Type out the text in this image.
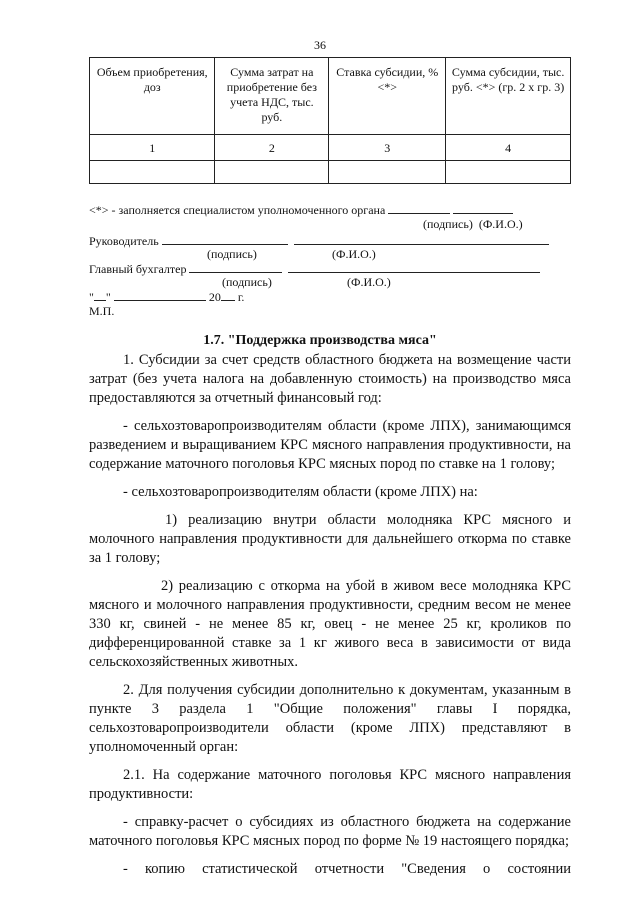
36
Объем приобретения, доз	Сумма затрат на приобретение без учета НДС, тыс. руб.	Ставка субсидии, % <*>	Сумма субсидии, тыс. руб. <*> (гр. 2 х гр. 3)
1	2	3	4

<*> - заполняется специалистом уполномоченного органа
(подпись) (Ф.И.О.)
Руководитель
(подпись)	(Ф.И.О.)
Главный бухгалтер
(подпись)	(Ф.И.О.)
" "	20 г.
М.П.
1.7. "Поддержка производства мяса"

1. Субсидии за счет средств областного бюджета на возмещение части затрат (без учета налога на добавленную стоимость) на производство мяса предоставляются за отчетный финансовый год:

- сельхозтоваропроизводителям области (кроме ЛПХ), занимающимся разведением и выращиванием КРС мясного направления продуктивности, на содержание маточного поголовья КРС мясных пород по ставке на 1 голову;

- сельхозтоваропроизводителям области (кроме ЛПХ) на:

1) реализацию внутри области молодняка КРС мясного и молочного направления продуктивности для дальнейшего откорма по ставке за 1 голову;

2) реализацию с откорма на убой в живом весе молодняка КРС мясного и молочного направления продуктивности, средним весом не менее 330 кг, свиней - не менее 85 кг, овец - не менее 25 кг, кроликов по дифференцированной ставке за 1 кг живого веса в зависимости от вида сельскохозяйственных животных.

2. Для получения субсидии дополнительно к документам, указанным в пункте 3 раздела 1 "Общие положения" главы I порядка, сельхозтоваропроизводители области (кроме ЛПХ) представляют в уполномоченный орган:

2.1. На содержание маточного поголовья КРС мясного направления продуктивности:

- справку-расчет о субсидиях из областного бюджета на содержание маточного поголовья КРС мясных пород по форме № 19 настоящего порядка;

- копию статистической отчетности "Сведения о состоянии
